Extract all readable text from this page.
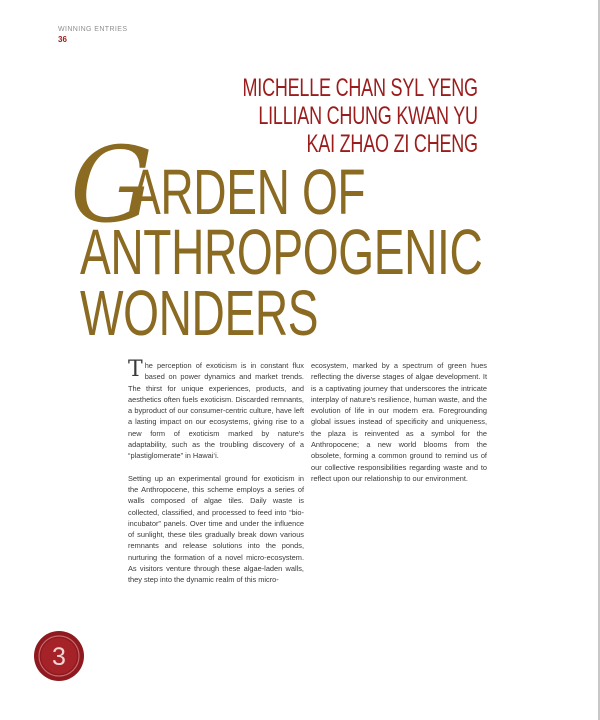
WINNING ENTRIES
36
MICHELLE CHAN SYL YENG
LILLIAN CHUNG KWAN YU
KAI ZHAO ZI CHENG
G
ARDEN OF
ANTHROPOGENIC
WONDERS

The perception of exoticism is in constant flux based on power dynamics and market trends. The thirst for unique experiences, products, and aesthetics often fuels exoticism. Discarded remnants, a byproduct of our consumer-centric culture, have left a lasting impact on our ecosystems, giving rise to a new form of exoticism marked by nature's adaptability, such as the troubling discovery of a “plastiglomerate” in Hawai‘i.

Setting up an experimental ground for exoticism in the Anthropocene, this scheme employs a series of walls composed of algae tiles. Daily waste is collected, classified, and processed to feed into “bio-incubator” panels. Over time and under the influence of sunlight, these tiles gradually break down various remnants and release solutions into the ponds, nurturing the formation of a novel micro-ecosystem. As visitors venture through these algae-laden walls, they step into the dynamic realm of this micro-

ecosystem, marked by a spectrum of green hues reflecting the diverse stages of algae development. It is a captivating journey that underscores the intricate interplay of nature's resilience, human waste, and the evolution of life in our modern era. Foregrounding global issues instead of specificity and uniqueness, the plaza is reinvented as a symbol for the Anthropocene; a new world blooms from the obsolete, forming a common ground to remind us of our collective responsibilities regarding waste and to reflect upon our relationship to our environment.

3
